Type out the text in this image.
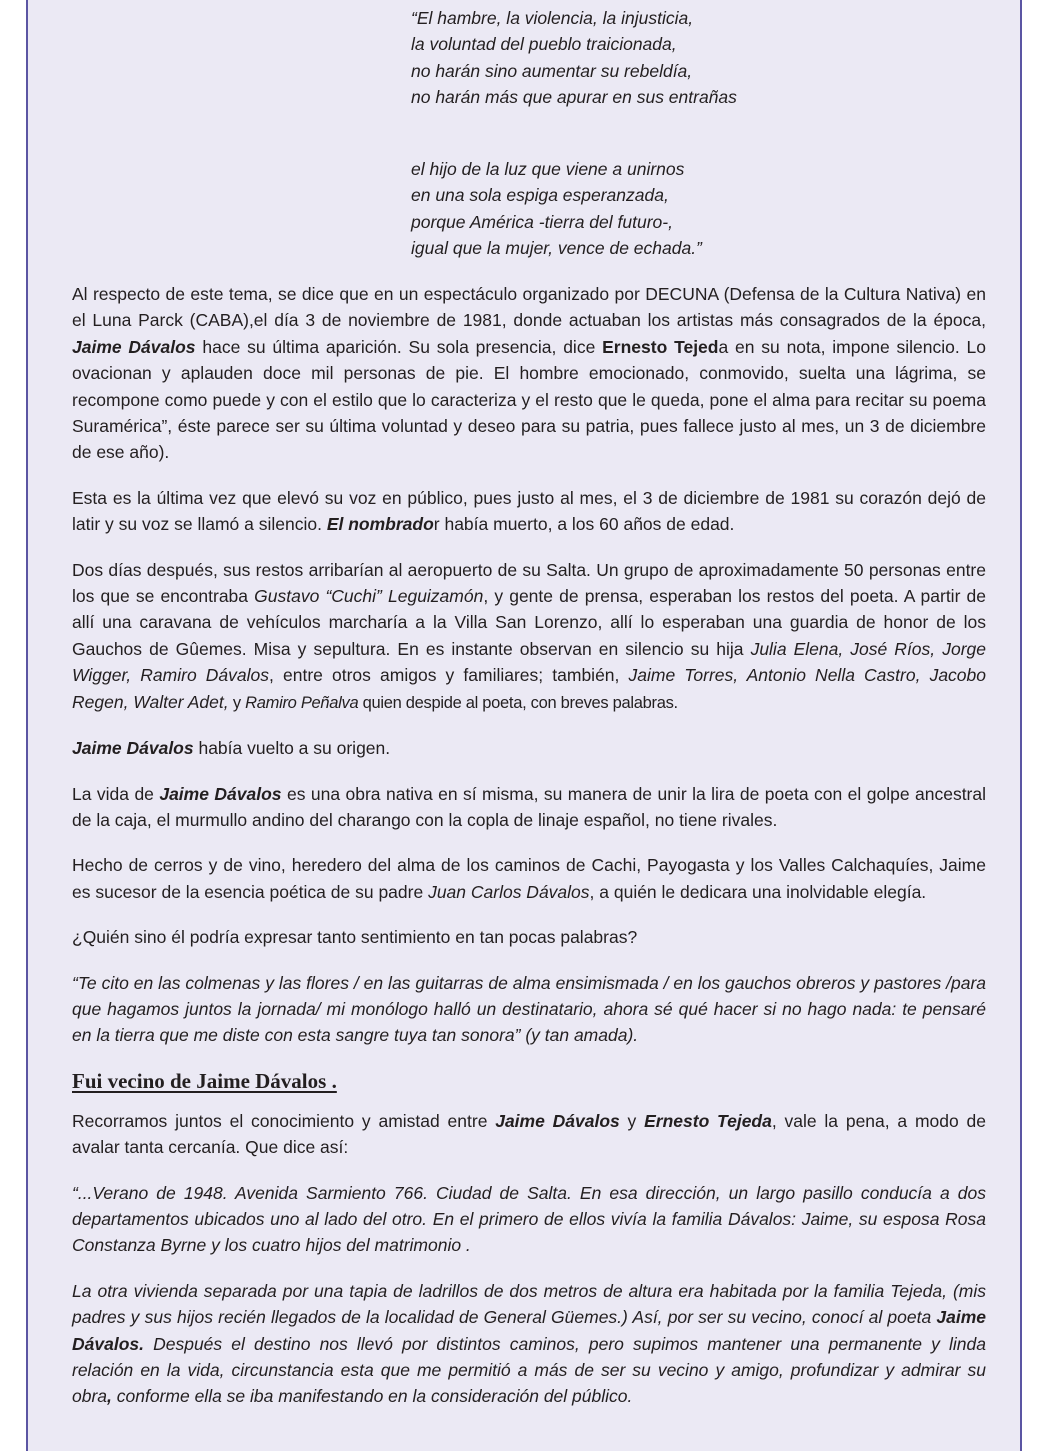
“El hambre, la violencia, la injusticia,
la voluntad del pueblo traicionada,
no harán sino aumentar su rebeldía,
no harán más que apurar en sus entrañas
el hijo de la luz que viene a unirnos
en una sola espiga esperanzada,
porque América -tierra del futuro-,
igual que la mujer, vence de echada.”

Al respecto de este tema, se dice que en un espectáculo organizado por DECUNA (Defensa de la Cultura Nativa) en el Luna Parck (CABA),el día 3 de noviembre de 1981, donde actuaban los artistas más consagrados de la época, Jaime Dávalos hace su última aparición. Su sola presencia, dice Ernesto Tejeda en su nota, impone silencio. Lo ovacionan y aplauden doce mil personas de pie. El hombre emocionado, conmovido, suelta una lágrima, se recompone como puede y con el estilo que lo caracteriza y el resto que le queda, pone el alma para recitar su poema Suramérica”, éste parece ser su última voluntad y deseo para su patria, pues fallece justo al mes, un 3 de diciembre de ese año).

Esta es la última vez que elevó su voz en público, pues justo al mes, el 3 de diciembre de 1981 su corazón dejó de latir y su voz se llamó a silencio. El nombrador había muerto, a los 60 años de edad.

Dos días después, sus restos arribarían al aeropuerto de su Salta. Un grupo de aproximadamente 50 personas entre los que se encontraba Gustavo “Cuchi” Leguizamón, y gente de prensa, esperaban los restos del poeta. A partir de allí una caravana de vehículos marcharía a la Villa San Lorenzo, allí lo esperaban una guardia de honor de los Gauchos de Gûemes. Misa y sepultura. En es instante observan en silencio su hija Julia Elena, José Ríos, Jorge Wigger, Ramiro Dávalos, entre otros amigos y familiares; también, Jaime Torres, Antonio Nella Castro, Jacobo Regen, Walter Adet, y Ramiro Peñalva quien despide al poeta, con breves palabras.

Jaime Dávalos había vuelto a su origen.

La vida de Jaime Dávalos es una obra nativa en sí misma, su manera de unir la lira de poeta con el golpe ancestral de la caja, el murmullo andino del charango con la copla de linaje español, no tiene rivales.

Hecho de cerros y de vino, heredero del alma de los caminos de Cachi, Payogasta y los Valles Calchaquíes, Jaime es sucesor de la esencia poética de su padre Juan Carlos Dávalos, a quién le dedicara una inolvidable elegía.

¿Quién sino él podría expresar tanto sentimiento en tan pocas palabras?

“Te cito en las colmenas y las flores / en las guitarras de alma ensimismada / en los gauchos obreros y pastores /para que hagamos juntos la jornada/ mi monólogo halló un destinatario, ahora sé qué hacer si no hago nada: te pensaré en la tierra que me diste con esta sangre tuya tan sonora” (y tan amada).

Fui vecino de Jaime Dávalos .

Recorramos juntos el conocimiento y amistad entre Jaime Dávalos y Ernesto Tejeda, vale la pena, a modo de avalar tanta cercanía. Que dice así:

“...Verano de 1948. Avenida Sarmiento 766. Ciudad de Salta. En esa dirección, un largo pasillo conducía a dos departamentos ubicados uno al lado del otro. En el primero de ellos vivía la familia Dávalos: Jaime, su esposa Rosa Constanza Byrne y los cuatro hijos del matrimonio .

La otra vivienda separada por una tapia de ladrillos de dos metros de altura era habitada por la familia Tejeda, (mis padres y sus hijos recién llegados de la localidad de General Güemes.) Así, por ser su vecino, conocí al poeta Jaime Dávalos. Después el destino nos llevó por distintos caminos, pero supimos mantener una permanente y linda relación en la vida, circunstancia esta que me permitió a más de ser su vecino y amigo, profundizar y admirar su obra, conforme ella se iba manifestando en la consideración del público.
